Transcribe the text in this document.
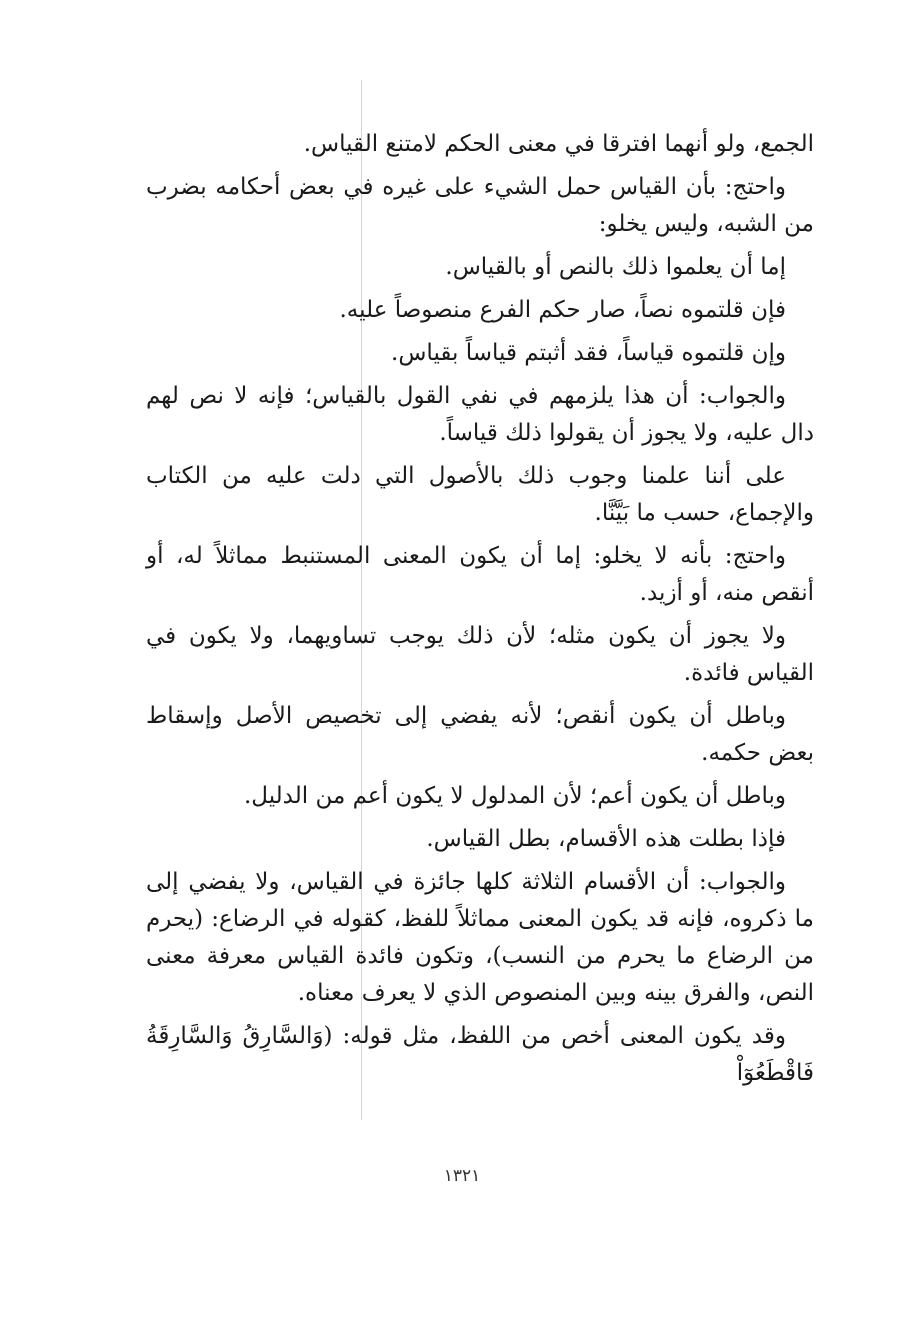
الجمع، ولو أنهما افترقا في معنى الحكم لامتنع القياس.

واحتج: بأن القياس حمل الشيء على غيره في بعض أحكامه بضرب من الشبه، وليس يخلو:

إما أن يعلموا ذلك بالنص أو بالقياس.

فإن قلتموه نصاً، صار حكم الفرع منصوصاً عليه.

وإن قلتموه قياساً، فقد أثبتم قياساً بقياس.

والجواب: أن هذا يلزمهم في نفي القول بالقياس؛ فإنه لا نص لهم دال عليه، ولا يجوز أن يقولوا ذلك قياساً.

على أننا علمنا وجوب ذلك بالأصول التي دلت عليه من الكتاب والإجماع، حسب ما بَيَّنَّا.

واحتج: بأنه لا يخلو: إما أن يكون المعنى المستنبط مماثلاً له، أو أنقص منه، أو أزيد.

ولا يجوز أن يكون مثله؛ لأن ذلك يوجب تساويهما، ولا يكون في القياس فائدة.

وباطل أن يكون أنقص؛ لأنه يفضي إلى تخصيص الأصل وإسقاط بعض حكمه.

وباطل أن يكون أعم؛ لأن المدلول لا يكون أعم من الدليل.

فإذا بطلت هذه الأقسام، بطل القياس.

والجواب: أن الأقسام الثلاثة كلها جائزة في القياس، ولا يفضي إلى ما ذكروه، فإنه قد يكون المعنى مماثلاً للفظ، كقوله في الرضاع: (يحرم من الرضاع ما يحرم من النسب)، وتكون فائدة القياس معرفة معنى النص، والفرق بينه وبين المنصوص الذي لا يعرف معناه.

وقد يكون المعنى أخص من اللفظ، مثل قوله: (وَالسَّارِقُ وَالسَّارِقَةُ فَاقْطَعُوٓاْ

١٣٢١
